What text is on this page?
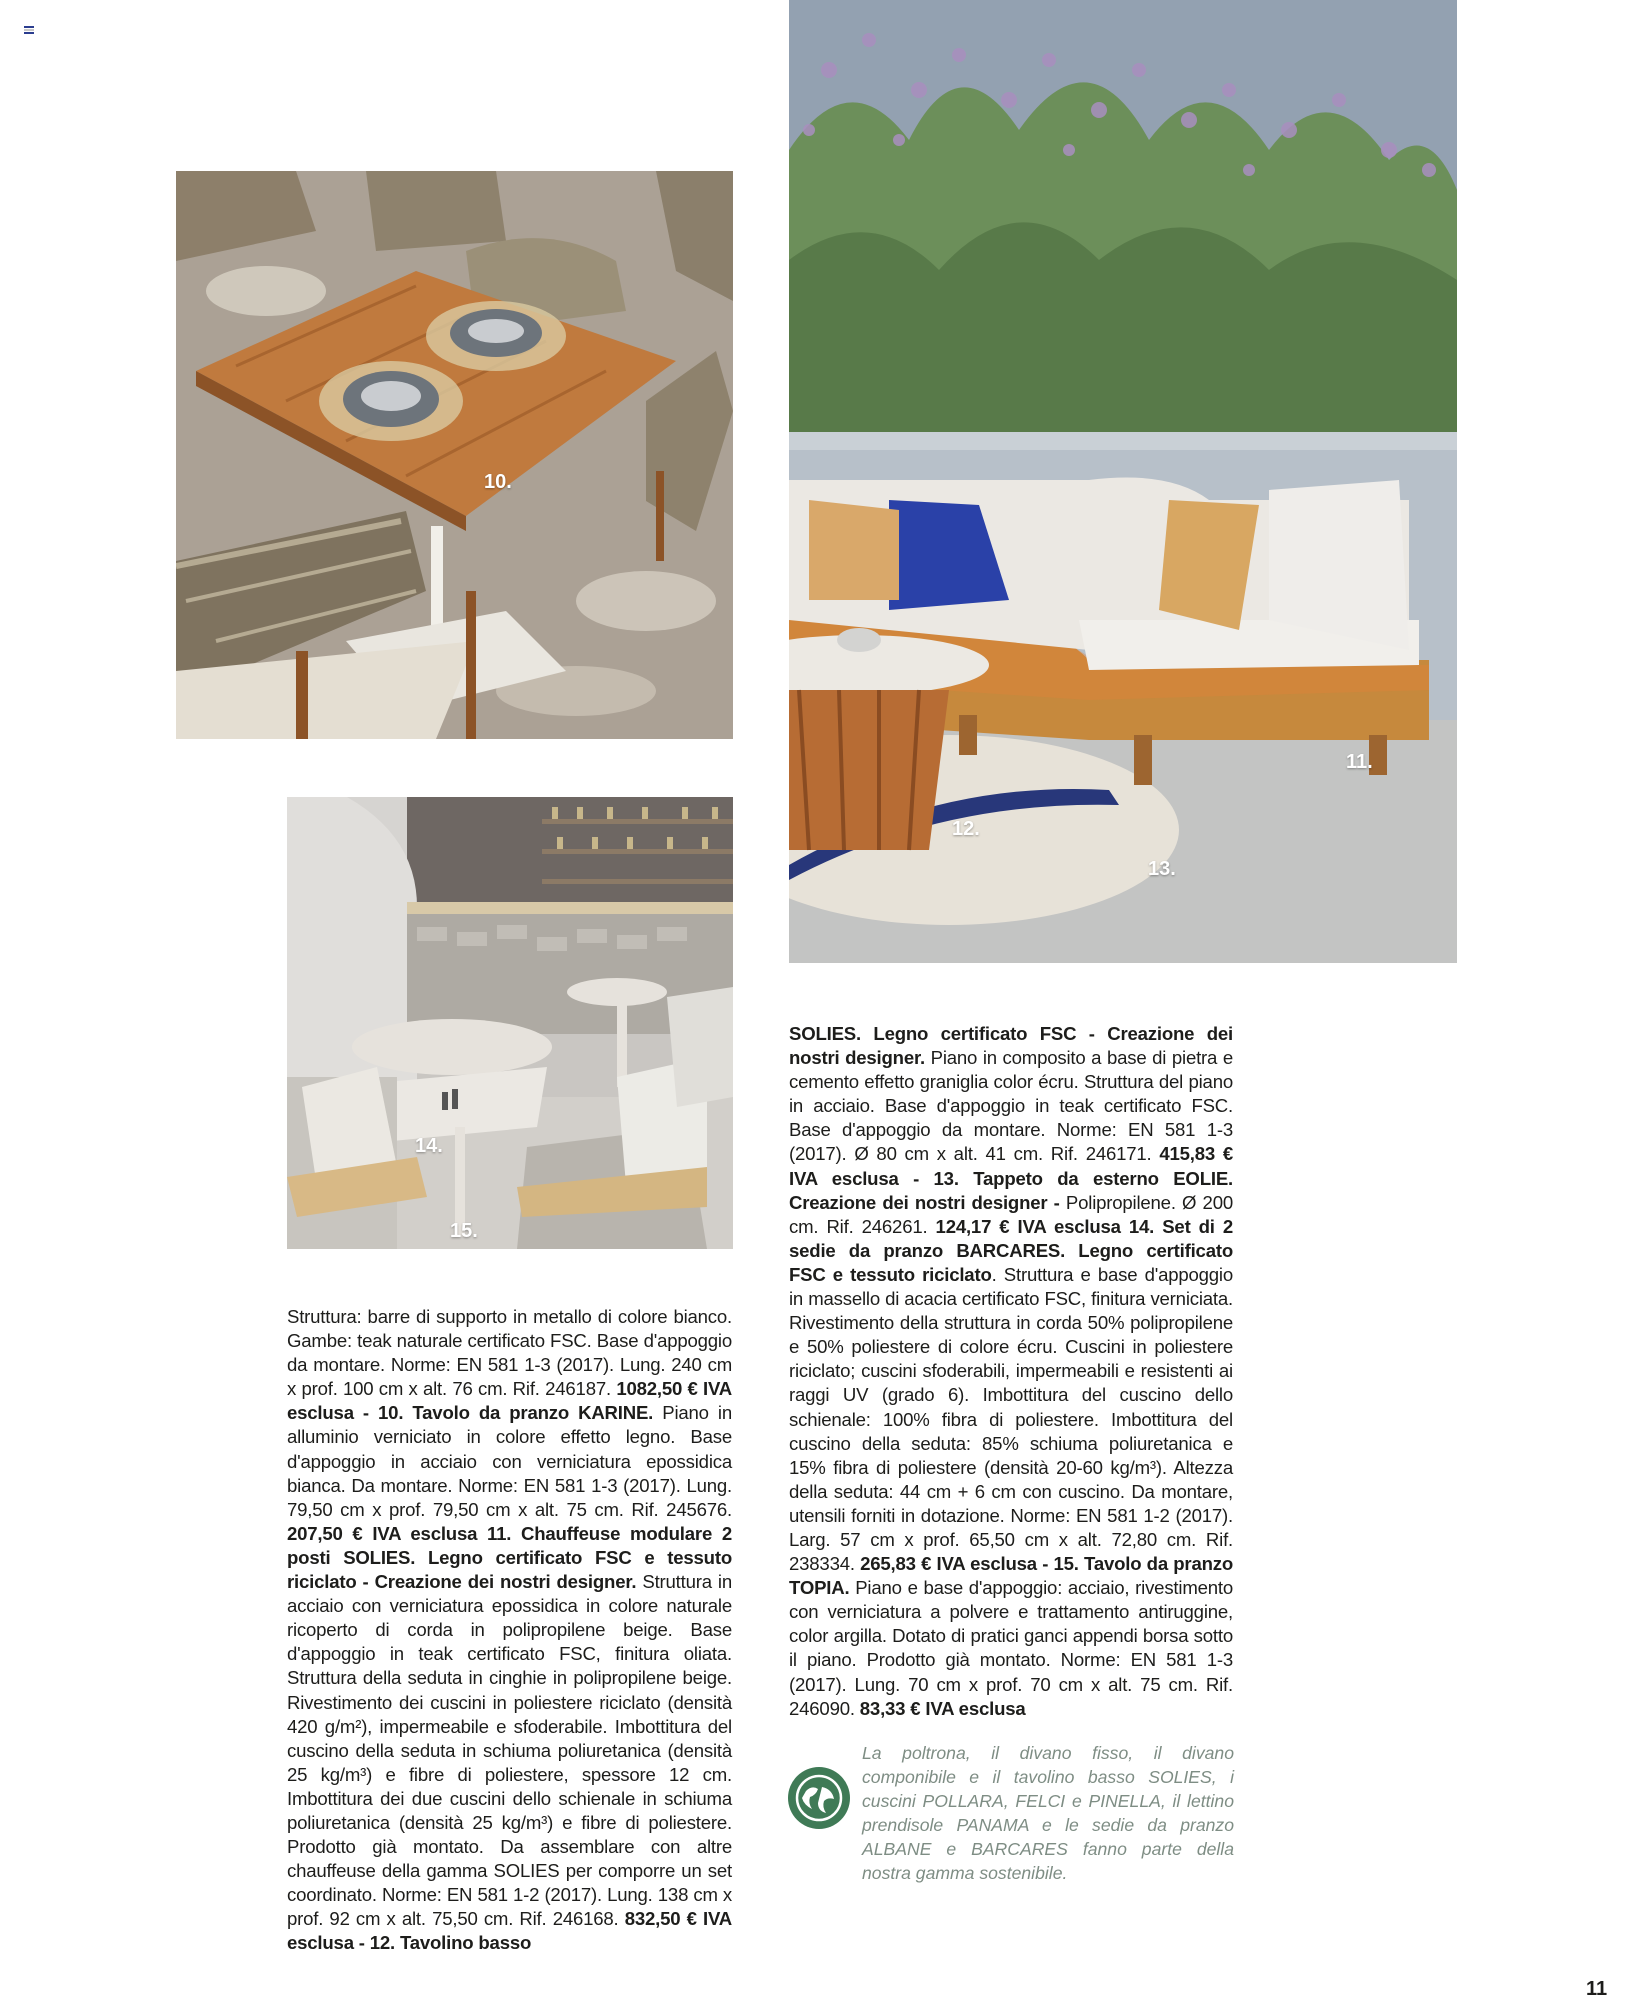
10.
11.
12.
13.
14.
15.
Struttura: barre di supporto in metallo di colore bianco. Gambe: teak naturale certificato FSC. Base d'appoggio da montare. Norme: EN 581 1-3 (2017). Lung. 240 cm x prof. 100 cm x alt. 76 cm. Rif. 246187. 1082,50 € IVA esclusa - 10. Tavolo da pranzo KARINE. Piano in alluminio verniciato in colore effetto legno. Base d'appoggio in acciaio con verniciatura epossidica bianca. Da montare. Norme: EN 581 1-3 (2017). Lung. 79,50 cm x prof. 79,50 cm x alt. 75 cm. Rif. 245676. 207,50 € IVA esclusa 11. Chauffeuse modulare 2 posti SOLIES. Legno certificato FSC e tessuto riciclato - Creazione dei nostri designer. Struttura in acciaio con verniciatura epossidica in colore naturale ricoperto di corda in polipropilene beige. Base d'appoggio in teak certificato FSC, finitura oliata. Struttura della seduta in cinghie in polipropilene beige. Rivestimento dei cuscini in poliestere riciclato (densità 420 g/m²), impermeabile e sfoderabile. Imbottitura del cuscino della seduta in schiuma poliuretanica (densità 25 kg/m³) e fibre di poliestere, spessore 12 cm. Imbottitura dei due cuscini dello schienale in schiuma poliuretanica (densità 25 kg/m³) e fibre di poliestere. Prodotto già montato. Da assemblare con altre chauffeuse della gamma SOLIES per comporre un set coordinato. Norme: EN 581 1-2 (2017). Lung. 138 cm x prof. 92 cm x alt. 75,50 cm. Rif. 246168. 832,50 € IVA esclusa - 12. Tavolino basso
SOLIES. Legno certificato FSC - Creazione dei nostri designer. Piano in composito a base di pietra e cemento effetto graniglia color écru. Struttura del piano in acciaio. Base d'appoggio in teak certificato FSC. Base d'appoggio da montare. Norme: EN 581 1-3 (2017). Ø 80 cm x alt. 41 cm. Rif. 246171. 415,83 € IVA esclusa - 13. Tappeto da esterno EOLIE. Creazione dei nostri designer - Polipropilene. Ø 200 cm. Rif. 246261. 124,17 € IVA esclusa 14. Set di 2 sedie da pranzo BARCARES. Legno certificato FSC e tessuto riciclato. Struttura e base d'appoggio in massello di acacia certificato FSC, finitura verniciata. Rivestimento della struttura in corda 50% polipropilene e 50% poliestere di colore écru. Cuscini in poliestere riciclato; cuscini sfoderabili, impermeabili e resistenti ai raggi UV (grado 6). Imbottitura del cuscino dello schienale: 100% fibra di poliestere. Imbottitura del cuscino della seduta: 85% schiuma poliuretanica e 15% fibra di poliestere (densità 20-60 kg/m³). Altezza della seduta: 44 cm + 6 cm con cuscino. Da montare, utensili forniti in dotazione. Norme: EN 581 1-2 (2017). Larg. 57 cm x prof. 65,50 cm x alt. 72,80 cm. Rif. 238334. 265,83 € IVA esclusa - 15. Tavolo da pranzo TOPIA. Piano e base d'appoggio: acciaio, rivestimento con verniciatura a polvere e trattamento antiruggine, color argilla. Dotato di pratici ganci appendi borsa sotto il piano. Prodotto già montato. Norme: EN 581 1-3 (2017). Lung. 70 cm x prof. 70 cm x alt. 75 cm. Rif. 246090. 83,33 € IVA esclusa
La poltrona, il divano fisso, il divano componibile e il tavolino basso SOLIES, i cuscini POLLARA, FELCI e PINELLA, il lettino prendisole PANAMA e le sedie da pranzo ALBANE e BARCARES fanno parte della nostra gamma sostenibile.
11
